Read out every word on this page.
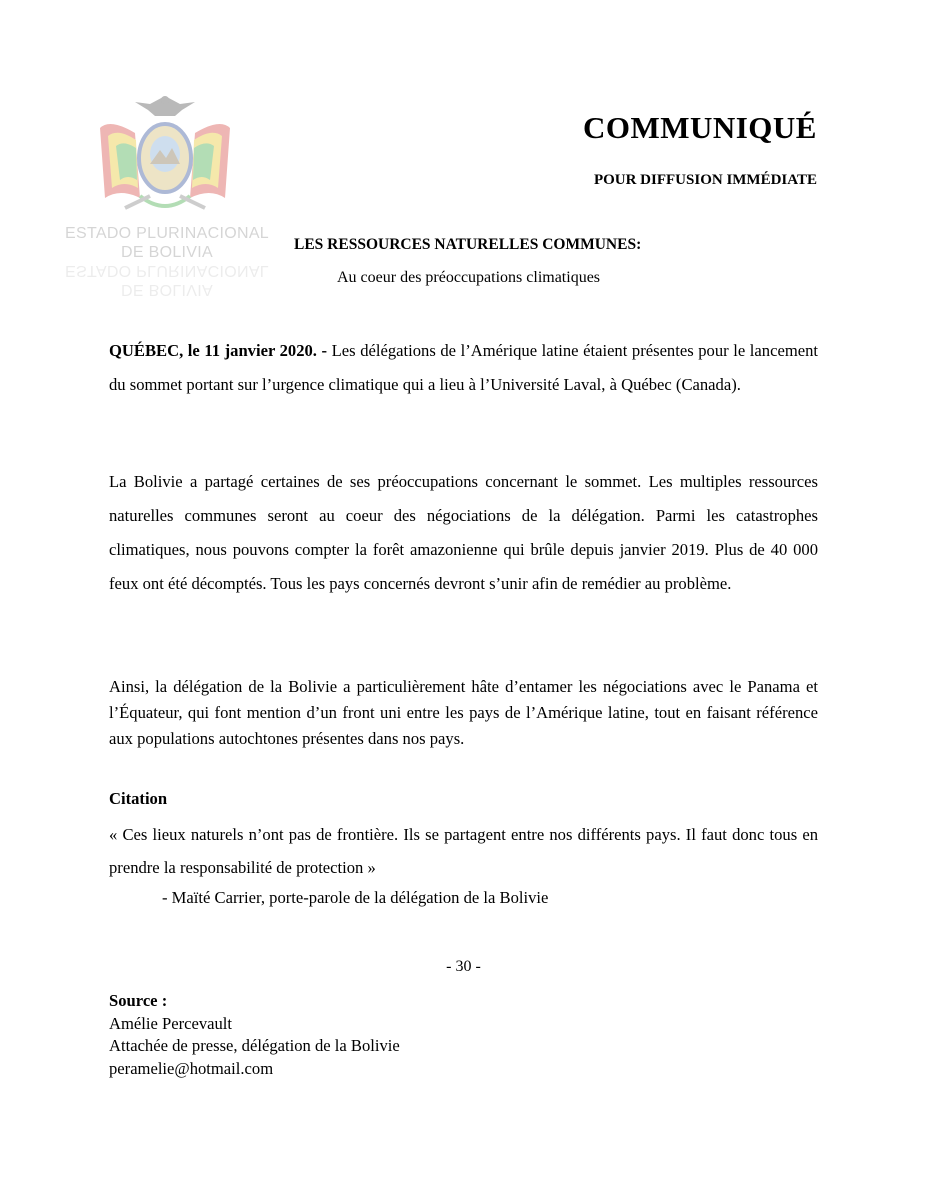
ESTADO PLURINACIONAL
DE BOLIVIA
DE BOLIVIA
ESTADO PLURINACIONAL
COMMUNIQUÉ
POUR DIFFUSION IMMÉDIATE
LES RESSOURCES NATURELLES COMMUNES:
Au coeur des préoccupations climatiques

QUÉBEC, le 11 janvier 2020. - Les délégations de l’Amérique latine étaient présentes pour le lancement du sommet portant sur l’urgence climatique qui a lieu à l’Université Laval, à Québec (Canada).

La Bolivie a partagé certaines de ses préoccupations concernant le sommet. Les multiples ressources naturelles communes seront au coeur des négociations de la délégation. Parmi les catastrophes climatiques, nous pouvons compter la forêt amazonienne qui brûle depuis janvier 2019. Plus de 40 000 feux ont été décomptés. Tous les pays concernés devront s’unir afin de remédier au problème.

Ainsi, la délégation de la Bolivie a particulièrement hâte d’entamer les négociations avec le Panama et l’Équateur, qui font mention d’un front uni entre les pays de l’Amérique latine, tout en faisant référence aux populations autochtones présentes dans nos pays.

Citation

« Ces lieux naturels n’ont pas de frontière. Ils se partagent entre nos différents pays. Il faut donc tous en prendre la responsabilité de protection »

- Maïté Carrier, porte-parole de la délégation de la Bolivie
- 30 -
Source :
Amélie Percevault
Attachée de presse, délégation de la Bolivie
peramelie@hotmail.com
